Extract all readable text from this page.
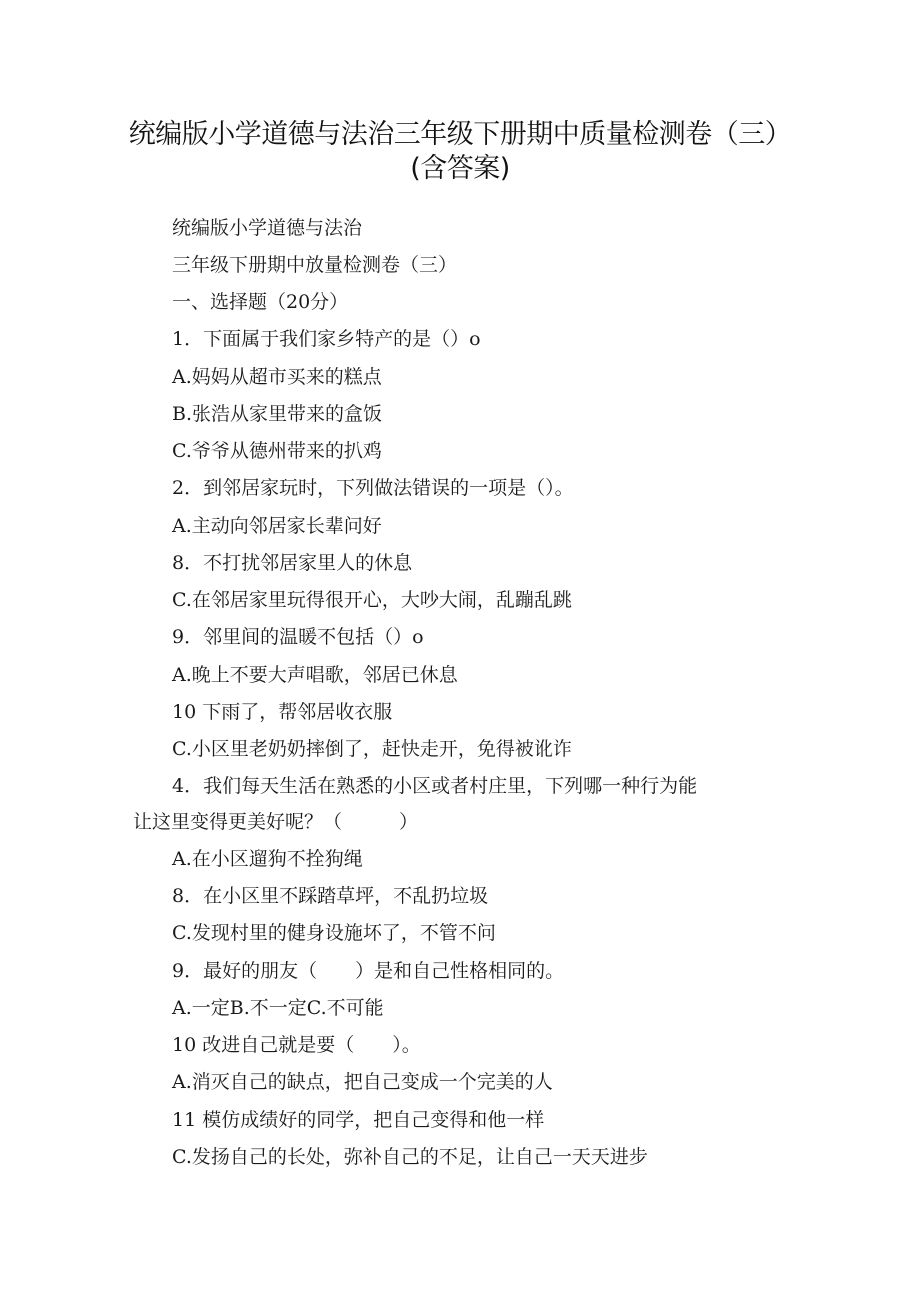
统编版小学道德与法治三年级下册期中质量检测卷（三）
(含答案)
统编版小学道德与法治
三年级下册期中放量检测卷（三）
一、选择题（20分）
1．下面属于我们家乡特产的是（）o
A.妈妈从超市买来的糕点
B.张浩从家里带来的盒饭
C.爷爷从德州带来的扒鸡
2．到邻居家玩时，下列做法错误的一项是（）。
A.主动向邻居家长辈问好
8．不打扰邻居家里人的休息
C.在邻居家里玩得很开心，大吵大闹，乱蹦乱跳
9．邻里间的温暖不包括（）o
A.晚上不要大声唱歌，邻居已休息
10 下雨了，帮邻居收衣服
C.小区里老奶奶摔倒了，赶快走开，免得被讹诈
4．我们每天生活在熟悉的小区或者村庄里，下列哪一种行为能
让这里变得更美好呢？（　　　）
A.在小区遛狗不拴狗绳
8．在小区里不踩踏草坪，不乱扔垃圾
C.发现村里的健身设施坏了，不管不问
9．最好的朋友（　　）是和自己性格相同的。
A.一定B.不一定C.不可能
10 改进自己就是要（　　）。
A.消灭自己的缺点，把自己变成一个完美的人
11 模仿成绩好的同学，把自己变得和他一样
C.发扬自己的长处，弥补自己的不足，让自己一天天进步
